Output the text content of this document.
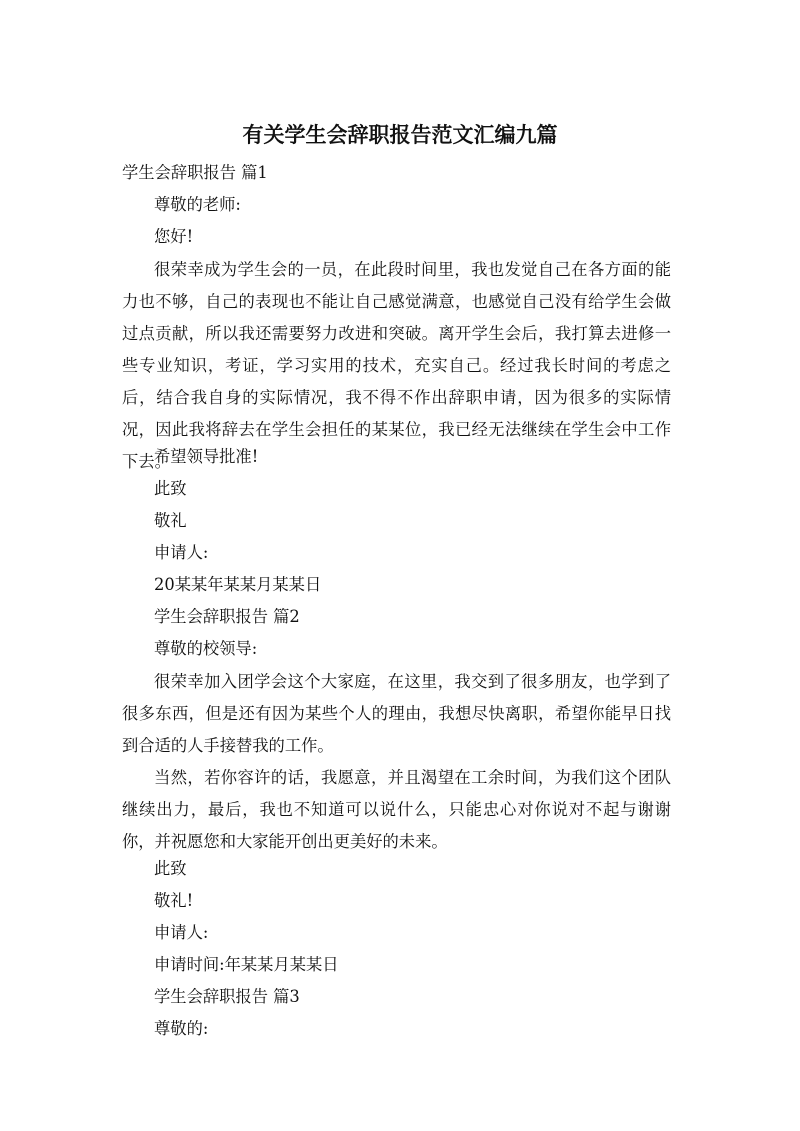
有关学生会辞职报告范文汇编九篇
学生会辞职报告 篇1
尊敬的老师:
您好!
很荣幸成为学生会的一员，在此段时间里，我也发觉自己在各方面的能力也不够，自己的表现也不能让自己感觉满意，也感觉自己没有给学生会做过点贡献，所以我还需要努力改进和突破。离开学生会后，我打算去进修一些专业知识，考证，学习实用的技术，充实自己。经过我长时间的考虑之后，结合我自身的实际情况，我不得不作出辞职申请，因为很多的实际情况，因此我将辞去在学生会担任的某某位，我已经无法继续在学生会中工作下去。
希望领导批准!
此致
敬礼
申请人:
20某某年某某月某某日
学生会辞职报告 篇2
尊敬的校领导:
很荣幸加入团学会这个大家庭，在这里，我交到了很多朋友，也学到了很多东西，但是还有因为某些个人的理由，我想尽快离职，希望你能早日找到合适的人手接替我的工作。
当然，若你容许的话，我愿意，并且渴望在工余时间，为我们这个团队继续出力，最后，我也不知道可以说什么，只能忠心对你说对不起与谢谢你，并祝愿您和大家能开创出更美好的未来。
此致
敬礼!
申请人:
申请时间:年某某月某某日
学生会辞职报告 篇3
尊敬的:
